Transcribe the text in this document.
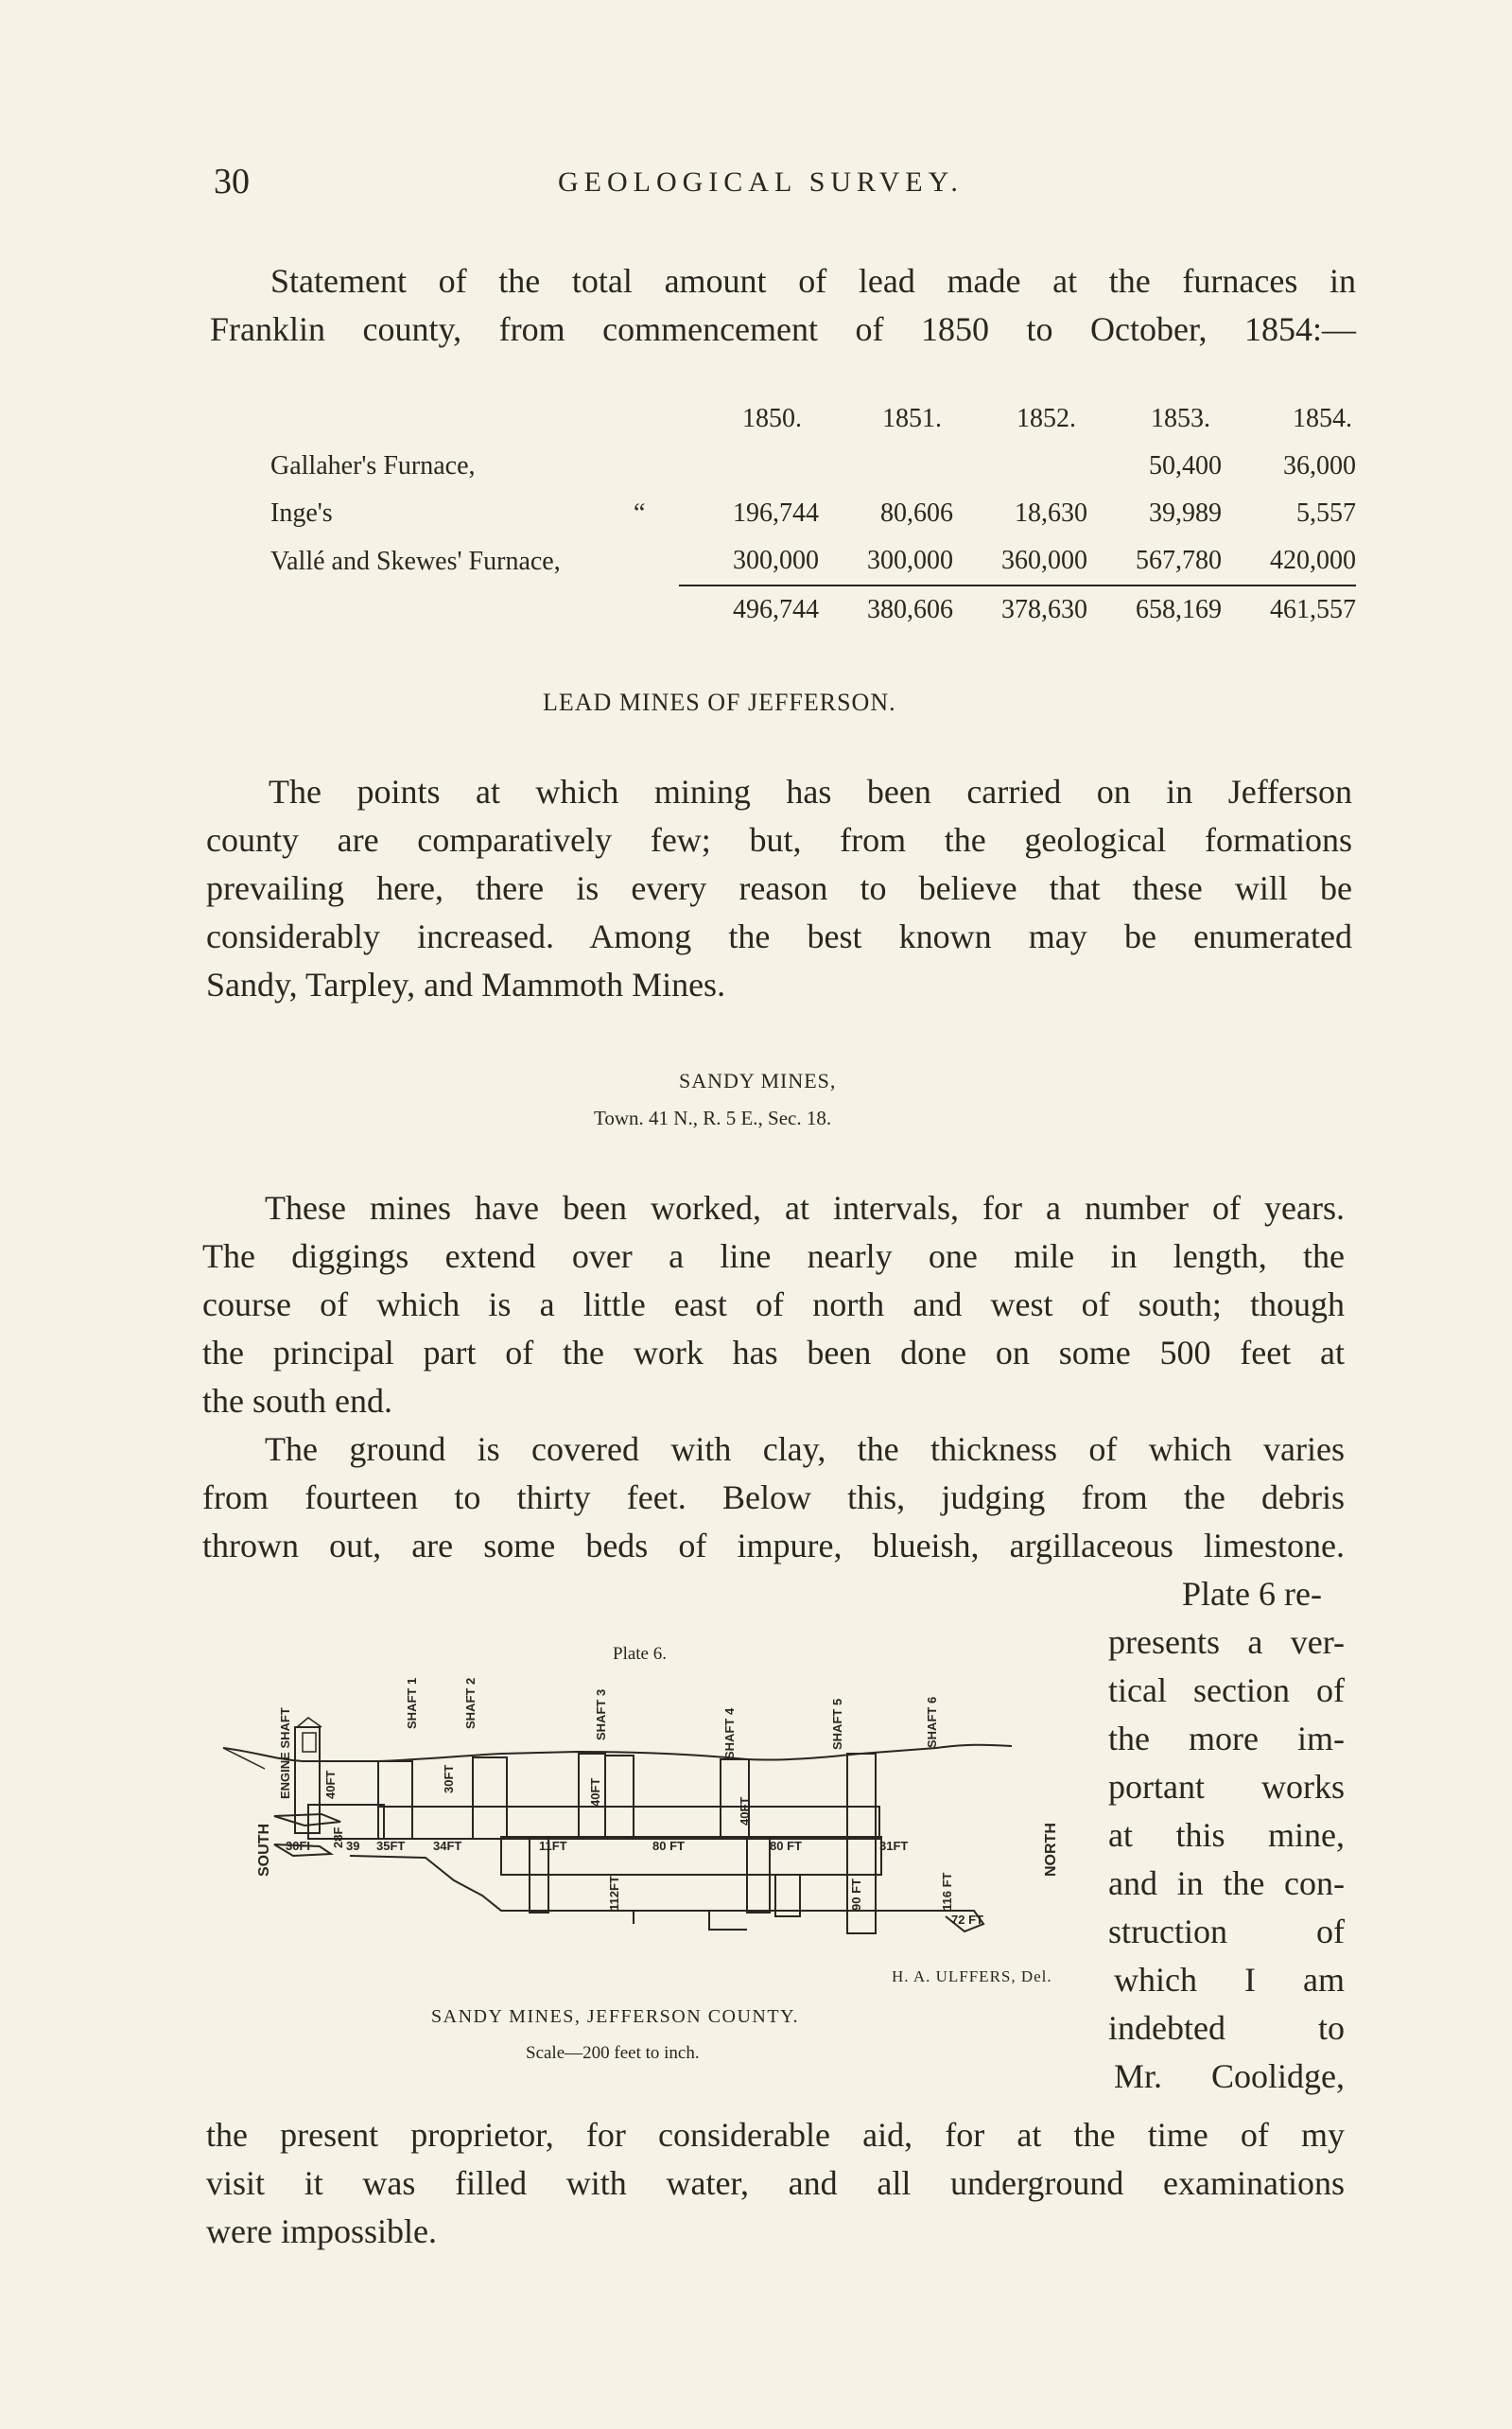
30	GEOLOGICAL SURVEY.
Statement of the total amount of lead made at the furnaces in
Franklin county, from commencement of 1850 to October, 1854:—
		1850.	1851.	1852.	1853.	1854.
Gallaher's Furnace,					50,400	36,000
Inge's	“	196,744	80,606	18,630	39,989	5,557
Vallé and Skewes' Furnace,		300,000	300,000	360,000	567,780	420,000
		496,744	380,606	378,630	658,169	461,557
LEAD MINES OF JEFFERSON.
The points at which mining has been carried on in Jefferson
county are comparatively few; but, from the geological formations
prevailing here, there is every reason to believe that these will be
considerably increased. Among the best known may be enumerated
Sandy, Tarpley, and Mammoth Mines.
SANDY MINES,
Town. 41 N., R. 5 E., Sec. 18.
These mines have been worked, at intervals, for a number of years.
The diggings extend over a line nearly one mile in length, the
course of which is a little east of north and west of south; though
the principal part of the work has been done on some 500 feet at
the south end.
The ground is covered with clay, the thickness of which varies
from fourteen to thirty feet. Below this, judging from the debris
thrown out, are some beds of impure, blueish, argillaceous limestone.
Plate 6 re-
presents a ver-
tical section of
the more im-
portant works
at this mine,
and in the con-
struction of
which I am
indebted to
Mr. Coolidge,
Plate 6.
ENGINE SHAFT
SOUTH
SHAFT 1	SHAFT 2	SHAFT 3	SHAFT 4	SHAFT 5	SHAFT 6
NORTH
30FT	40FT
40FT
40FT
112FT	90 FT	116 FT
28F
30FI	39 35FT 34FT	11FT	80 FT	80 FT	31FT
72 FT
H. A. ULFFERS, Del.
SANDY MINES, JEFFERSON COUNTY.
Scale—200 feet to inch.
the present proprietor, for considerable aid, for at the time of my
visit it was filled with water, and all underground examinations
were impossible.
